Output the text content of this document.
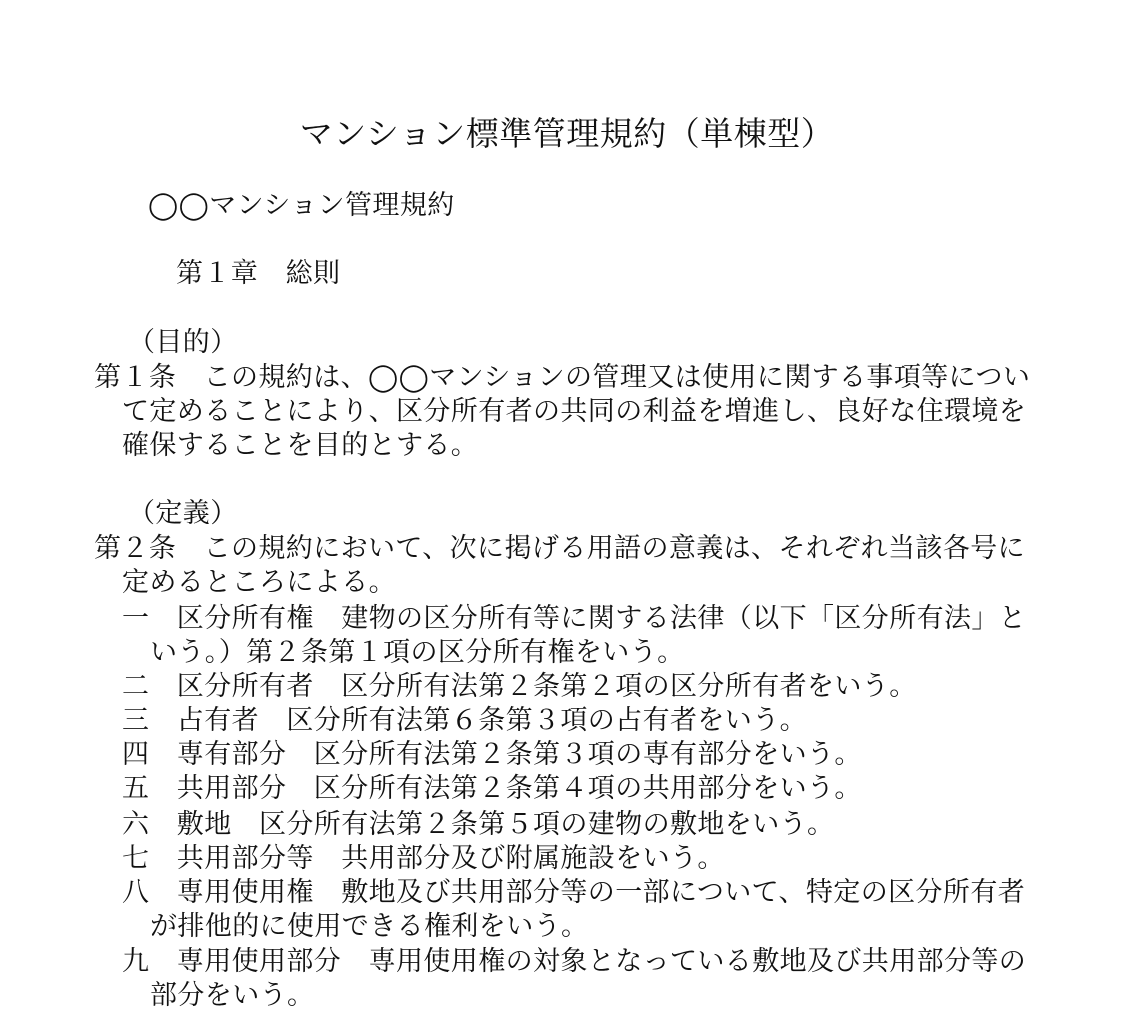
マンション標準管理規約（単棟型）
◯◯マンション管理規約
第１章　総則
（目的）
第１条　この規約は、◯◯マンションの管理又は使用に関する事項等につい
て定めることにより、区分所有者の共同の利益を増進し、良好な住環境を
確保することを目的とする。
（定義）
第２条　この規約において、次に掲げる用語の意義は、それぞれ当該各号に
定めるところによる。
一　区分所有権　建物の区分所有等に関する法律（以下「区分所有法」と
いう。）第２条第１項の区分所有権をいう。
二　区分所有者　区分所有法第２条第２項の区分所有者をいう。
三　占有者　区分所有法第６条第３項の占有者をいう。
四　専有部分　区分所有法第２条第３項の専有部分をいう。
五　共用部分　区分所有法第２条第４項の共用部分をいう。
六　敷地　区分所有法第２条第５項の建物の敷地をいう。
七　共用部分等　共用部分及び附属施設をいう。
八　専用使用権　敷地及び共用部分等の一部について、特定の区分所有者
が排他的に使用できる権利をいう。
九　専用使用部分　専用使用権の対象となっている敷地及び共用部分等の
部分をいう。
